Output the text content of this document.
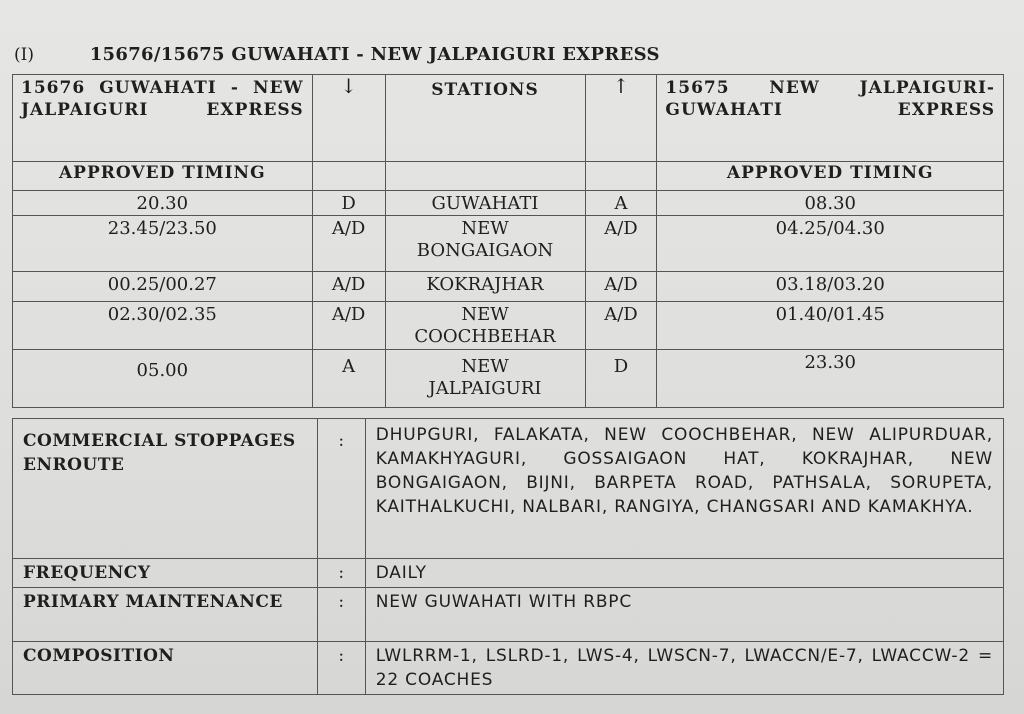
(I)	15676/15675 GUWAHATI - NEW JALPAIGURI EXPRESS
15676 GUWAHATI - NEW JALPAIGURI EXPRESS	↓	STATIONS	↑	15675 NEW JALPAIGURI-GUWAHATI EXPRESS
APPROVED TIMING				APPROVED TIMING
20.30	D	GUWAHATI	A	08.30
23.45/23.50	A/D	NEW BONGAIGAON	A/D	04.25/04.30
00.25/00.27	A/D	KOKRAJHAR	A/D	03.18/03.20
02.30/02.35	A/D	NEW COOCHBEHAR	A/D	01.40/01.45
05.00	A	NEW JALPAIGURI	D	23.30
COMMERCIAL STOPPAGES ENROUTE	:	DHUPGURI, FALAKATA, NEW COOCHBEHAR, NEW ALIPURDUAR, KAMAKHYAGURI, GOSSAIGAON HAT, KOKRAJHAR, NEW BONGAIGAON, BIJNI, BARPETA ROAD, PATHSALA, SORUPETA, KAITHALKUCHI, NALBARI, RANGIYA, CHANGSARI AND KAMAKHYA.
FREQUENCY	:	DAILY
PRIMARY MAINTENANCE	:	NEW GUWAHATI WITH RBPC
COMPOSITION	:	LWLRRM-1, LSLRD-1, LWS-4, LWSCN-7, LWACCN/E-7, LWACCW-2 = 22 COACHES
